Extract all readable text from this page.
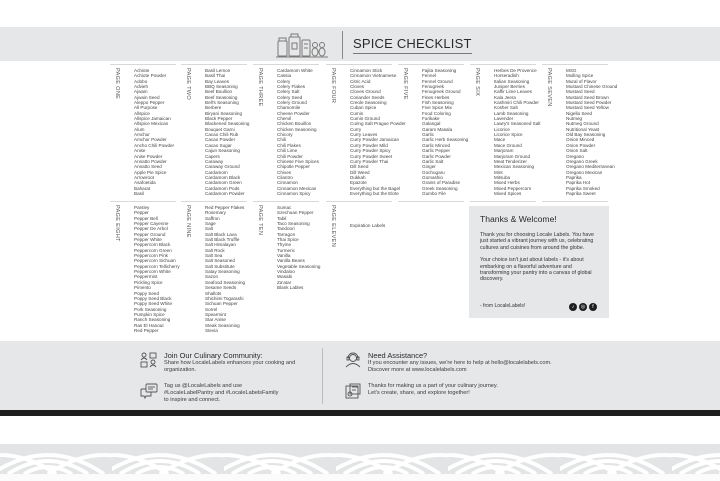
SPICE CHECKLIST
PAGE ONE	Achiote
Achiote Powder
Adobo
Advieh
Ajwain
Ajwain Seed
Aleppo Pepper
All Purpose
Allspice
Allspice Jamaican
Allspice Mexican
Alum
Amchur
Amchur Powder
Ancho Chili Powder
Anise
Anise Powder
Annatto Powder
Annatto Seed
Apple Pie Spice
Arrowroot
Asafoetida
Baharat
Basil
PAGE TWO	Basil Lemon
Basil Thai
Bay Leaves
BBQ Seasoning
Beef Boullion
Beef Seasoning
Bell's Seasoning
Berbere
Biryani Seasoning
Black Pepper
Blackened Seasoning
Bouquet Garni
Cacao Chili Rub
Cacao Powder
Cacao Sugar
Cajun Seasoning
Capers
Caraway
Caraway Ground
Cardamom
Cardamom Black
Cardamom Green
Cardamom Pods
Cardamom Powder
PAGE THREE	Cardamom White
Cassia
Celery
Celery Flakes
Celery Salt
Celery Seed
Celery Ground
Chamomile
Cheese Powder
Chervil
Chicken Bouillon
Chicken Seasoning
Chicory
Chili
Chili Flakes
Chili Lime
Chili Powder
Chinese Five Spices
Chipotle Pepper
Chives
Cilantro
Cinnamon
Cinnamon Mexican
Cinnamon Spicy
PAGE FOUR	Cinnamon Stick
Cinnamon Vietnamese
Citric Acid
Cloves
Cloves Ground
Coriander Seeds
Creole Seasoning
Cuban Spice
Cumin
Cumin Ground
Curing Salt Prague Powder
Curry
Curry Leaves
Curry Powder Jamaican
Curry Powder Mild
Curry Powder Spicy
Curry Powder Sweet
Curry Powder Thai
Dill Seed
Dill Weed
Dukkah
Epazote
Everything but the Bagel
Everything but the Elote
PAGE FIVE	Fajita Seasoning
Fennel
Fennel Ground
Fenugreek
Fenugreek Ground
Fines Herbes
Fish Seasoning
Five Spice Mix
Food Coloring
Furikake
Galangal
Garam Masala
Garlic
Garlic Herb Seasoning
Garlic Minced
Garlic Pepper
Garlic Powder
Garlic Salt
Ginger
Gochugaru
Gomashio
Grains of Paradise
Greek Seasoning
Gumbo File
PAGE SIX	Herbes De Provence
Horseradish
Italian Seasoning
Juniper Berries
Kaffir Lime Leaves
Kala Jeera
Kashmiri Chili Powder
Kosher Salt
Lamb Seasoning
Lavender
Lawry's Seasoned Salt
Licorice
Licorice Spice
Mace
Mace Ground
Marjoram
Marjoram Ground
Meat Tenderizer
Mexican Seasoning
Mint
Mitsuba
Mixed Herbs
Mixed Peppercorn
Mixed Spices
PAGE SEVEN	MSG
Mulling Spice
Mural of Flavor
Mustard Chinese Ground
Mustard Seed
Mustard Seed Brown
Mustard Seed Powder
Mustard Seed Yellow
Nigella Seed
Nutmeg
Nutmeg Ground
Nutritional Yeast
Old Bay Seasoning
Onion Minced
Onion Powder
Onion Salt
Oregano
Oregano Greek
Oregano Mediterranean
Oregano Mexican
Paprika
Paprika Hot
Paprika Smoked
Paprika Sweet
PAGE EIGHT	Parsley
Pepper
Pepper Bell
Pepper Cayenne
Pepper De Arbol
Pepper Ground
Pepper White
Peppercorn Black
Peppercorn Green
Peppercorn Pink
Peppercorn Sichuan
Peppercorn Tellicherry
Peppercorn White
Peppermint
Pickling Spice
Pimento
Poppy Seed
Poppy Seed Black
Poppy Seed White
Pork Seasoning
Pumpkin Spice
Ranch Seasoning
Ras El Hanout
Red Pepper
PAGE NINE	Red Pepper Flakes
Rosemary
Saffron
Sage
Salt
Salt Black Lava
Salt Black Truffle
Salt Himalayan
Salt Rock
Salt Sea
Salt Seasoned
Salt Substitute
Satay Seasoning
Sazon
Seafood Seasoning
Sesame Seeds
Shallots
Shichimi Togarashi
Sichuan Pepper
Sorrel
Spearmint
Star Anise
Steak Seasoning
Stevia
PAGE TEN	Sumac
Szechuan Pepper
Tabil
Taco Seasoning
Tandoori
Tarragon
Thai Spice
Thyme
Turmeric
Vanilla
Vanilla Beans
Vegetable Seasoning
Vindaloo
Wasabi
Za'atar
Blank Lables
PAGE ELEVEN	Expiration Labels
Thanks & Welcome!

Thank you for choosing Locale Labels. You have just started a vibrant journey with us, celebrating cultures and cuisines from around the globe.

Your choice isn't just about labels - it's about embarking on a flavorful adventure and transforming your pantry into a canvas of global discovery.

- from LocaleLabels!	♪	◎	f
Join Our Culinary Community:
Share how LocaleLabels enhances your cooking and organization.
Tag us @LocaleLabels and use
#LocaleLabelPantry and #LocaleLabelsFamily
to inspire and connect.
Need Assistance?
If you encounter any issues, we're here to help at hello@localelabels.com.
Discover more at www.localelabels.com
Thanks for making us a part of your culinary journey.
Let's create, share, and explore together!
